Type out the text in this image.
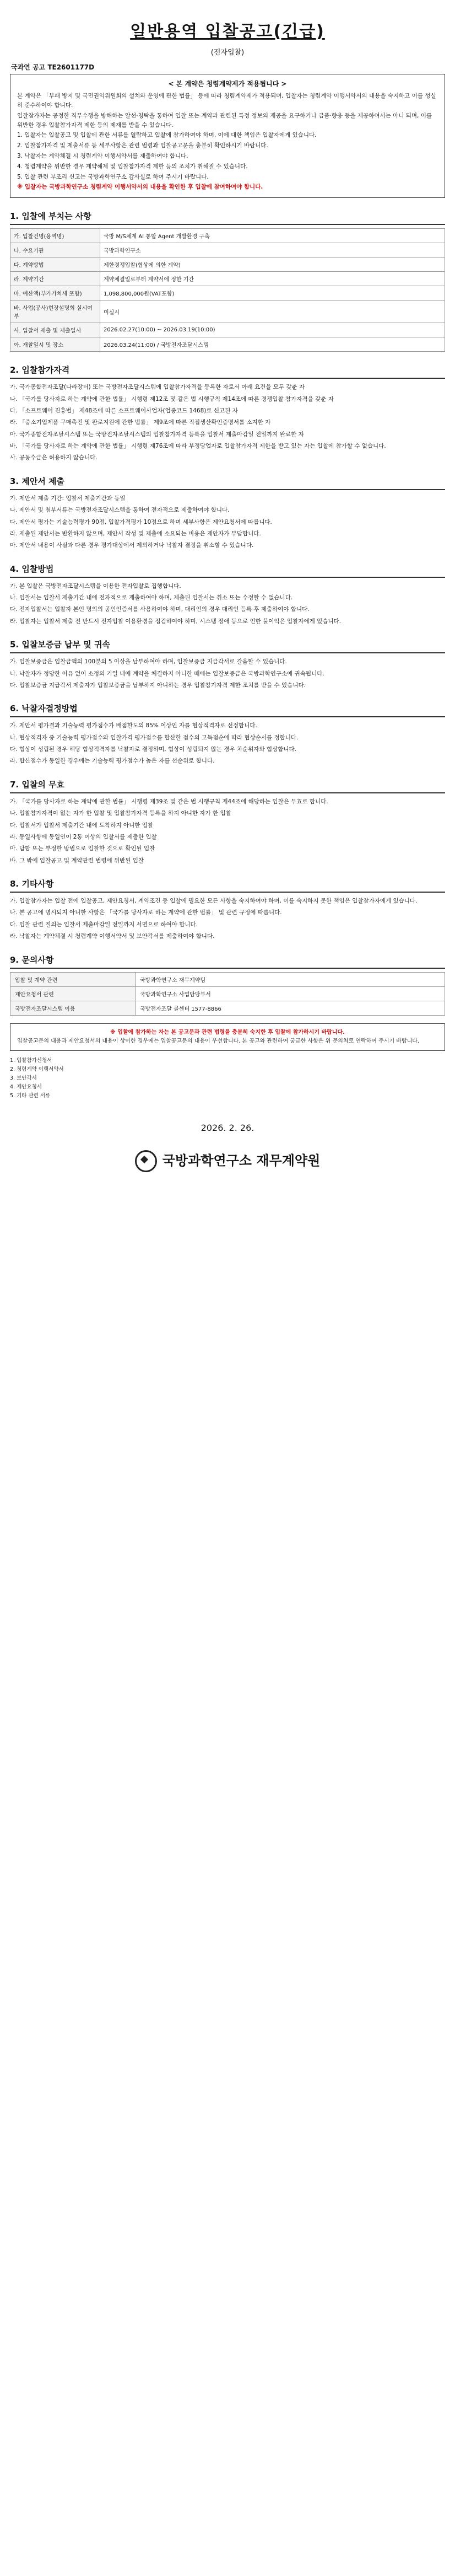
일반용역 입찰공고(긴급)
(전자입찰)
국과연 공고 TE2601177D
< 본 계약은 청렴계약제가 적용됩니다 >

본 계약은 「부패 방지 및 국민권익위원회의 설치와 운영에 관한 법률」 등에 따라 청렴계약제가 적용되며, 입찰자는 청렴계약 이행서약서의 내용을 숙지하고 이를 성실히 준수하여야 합니다.

입찰참가자는 공정한 직무수행을 방해하는 알선·청탁을 통하여 입찰 또는 계약과 관련된 특정 정보의 제공을 요구하거나 금품·향응 등을 제공하여서는 아니 되며, 이를 위반한 경우 입찰참가자격 제한 등의 제재를 받을 수 있습니다.

1. 입찰자는 입찰공고 및 입찰에 관한 서류를 열람하고 입찰에 참가하여야 하며, 이에 대한 책임은 입찰자에게 있습니다.

2. 입찰참가자격 및 제출서류 등 세부사항은 관련 법령과 입찰공고문을 충분히 확인하시기 바랍니다.

3. 낙찰자는 계약체결 시 청렴계약 이행서약서를 제출하여야 합니다.

4. 청렴계약을 위반한 경우 계약해제 및 입찰참가자격 제한 등의 조치가 취해질 수 있습니다.

5. 입찰 관련 부조리 신고는 국방과학연구소 감사실로 하여 주시기 바랍니다.

※ 입찰자는 국방과학연구소 청렴계약 이행서약서의 내용을 확인한 후 입찰에 참여하여야 합니다.

1. 입찰에 부치는 사항
가. 입찰건명(용역명)	국방 M/S체계 AI 통합 Agent 개발환경 구축
나. 수요기관	국방과학연구소
다. 계약방법	제한경쟁입찰(협상에 의한 계약)
라. 계약기간	계약체결일로부터 계약서에 정한 기간
마. 예산액(부가가치세 포함)	1,098,800,000원(VAT포함)
바. 사업(공사)현장설명회 실시여부	미실시
사. 입찰서 제출 및 제출일시	2026.02.27(10:00) ~ 2026.03.19(10:00)
아. 개찰일시 및 장소	2026.03.24(11:00) / 국방전자조달시스템
2. 입찰참가자격
가. 국가종합전자조달(나라장터) 또는 국방전자조달시스템에 입찰참가자격을 등록한 자로서 아래 요건을 모두 갖춘 자
나. 「국가를 당사자로 하는 계약에 관한 법률」 시행령 제12조 및 같은 법 시행규칙 제14조에 따른 경쟁입찰 참가자격을 갖춘 자
다. 「소프트웨어 진흥법」 제48조에 따른 소프트웨어사업자(업종코드 1468)로 신고된 자
라. 「중소기업제품 구매촉진 및 판로지원에 관한 법률」 제9조에 따른 직접생산확인증명서를 소지한 자
마. 국가종합전자조달시스템 또는 국방전자조달시스템의 입찰참가자격 등록을 입찰서 제출마감일 전일까지 완료한 자
바. 「국가를 당사자로 하는 계약에 관한 법률」 시행령 제76조에 따라 부정당업자로 입찰참가자격 제한을 받고 있는 자는 입찰에 참가할 수 없습니다.
사. 공동수급은 허용하지 않습니다.
3. 제안서 제출
가. 제안서 제출 기간: 입찰서 제출기간과 동일
나. 제안서 및 첨부서류는 국방전자조달시스템을 통하여 전자적으로 제출하여야 합니다.
다. 제안서 평가는 기술능력평가 90점, 입찰가격평가 10점으로 하며 세부사항은 제안요청서에 따릅니다.
라. 제출된 제안서는 반환하지 않으며, 제안서 작성 및 제출에 소요되는 비용은 제안자가 부담합니다.
마. 제안서 내용이 사실과 다른 경우 평가대상에서 제외하거나 낙찰자 결정을 취소할 수 있습니다.
4. 입찰방법
가. 본 입찰은 국방전자조달시스템을 이용한 전자입찰로 집행합니다.
나. 입찰서는 입찰서 제출기간 내에 전자적으로 제출하여야 하며, 제출된 입찰서는 취소 또는 수정할 수 없습니다.
다. 전자입찰서는 입찰자 본인 명의의 공인인증서를 사용하여야 하며, 대리인의 경우 대리인 등록 후 제출하여야 합니다.
라. 입찰자는 입찰서 제출 전 반드시 전자입찰 이용환경을 점검하여야 하며, 시스템 장애 등으로 인한 불이익은 입찰자에게 있습니다.
5. 입찰보증금 납부 및 귀속
가. 입찰보증금은 입찰금액의 100분의 5 이상을 납부하여야 하며, 입찰보증금 지급각서로 갈음할 수 있습니다.
나. 낙찰자가 정당한 이유 없이 소정의 기일 내에 계약을 체결하지 아니한 때에는 입찰보증금은 국방과학연구소에 귀속됩니다.
다. 입찰보증금 지급각서 제출자가 입찰보증금을 납부하지 아니하는 경우 입찰참가자격 제한 조치를 받을 수 있습니다.
6. 낙찰자결정방법
가. 제안서 평가결과 기술능력 평가점수가 배점한도의 85% 이상인 자를 협상적격자로 선정합니다.
나. 협상적격자 중 기술능력 평가점수와 입찰가격 평가점수를 합산한 점수의 고득점순에 따라 협상순서를 정합니다.
다. 협상이 성립된 경우 해당 협상적격자를 낙찰자로 결정하며, 협상이 성립되지 않는 경우 차순위자와 협상합니다.
라. 합산점수가 동일한 경우에는 기술능력 평가점수가 높은 자를 선순위로 합니다.
7. 입찰의 무효
가. 「국가를 당사자로 하는 계약에 관한 법률」 시행령 제39조 및 같은 법 시행규칙 제44조에 해당하는 입찰은 무효로 합니다.
나. 입찰참가자격이 없는 자가 한 입찰 및 입찰참가자격 등록을 하지 아니한 자가 한 입찰
다. 입찰서가 입찰서 제출기간 내에 도착하지 아니한 입찰
라. 동일사항에 동일인이 2통 이상의 입찰서를 제출한 입찰
마. 담합 또는 부정한 방법으로 입찰한 것으로 확인된 입찰
바. 그 밖에 입찰공고 및 계약관련 법령에 위반된 입찰
8. 기타사항
가. 입찰참가자는 입찰 전에 입찰공고, 제안요청서, 계약조건 등 입찰에 필요한 모든 사항을 숙지하여야 하며, 이를 숙지하지 못한 책임은 입찰참가자에게 있습니다.
나. 본 공고에 명시되지 아니한 사항은 「국가를 당사자로 하는 계약에 관한 법률」 및 관련 규정에 따릅니다.
다. 입찰 관련 질의는 입찰서 제출마감일 전일까지 서면으로 하여야 합니다.
라. 낙찰자는 계약체결 시 청렴계약 이행서약서 및 보안각서를 제출하여야 합니다.
9. 문의사항
입찰 및 계약 관련	국방과학연구소 재무계약팀
제안요청서 관련	국방과학연구소 사업담당부서
국방전자조달시스템 이용	국방전자조달 콜센터 1577-8866
※ 입찰에 참가하는 자는 본 공고문과 관련 법령을 충분히 숙지한 후 입찰에 참가하시기 바랍니다.
입찰공고문의 내용과 제안요청서의 내용이 상이한 경우에는 입찰공고문의 내용이 우선합니다. 본 공고와 관련하여 궁금한 사항은 위 문의처로 연락하여 주시기 바랍니다.
1. 입찰참가신청서
2. 청렴계약 이행서약서
3. 보안각서
4. 제안요청서
5. 기타 관련 서류
2026. 2. 26.
국방과학연구소 재무계약원
